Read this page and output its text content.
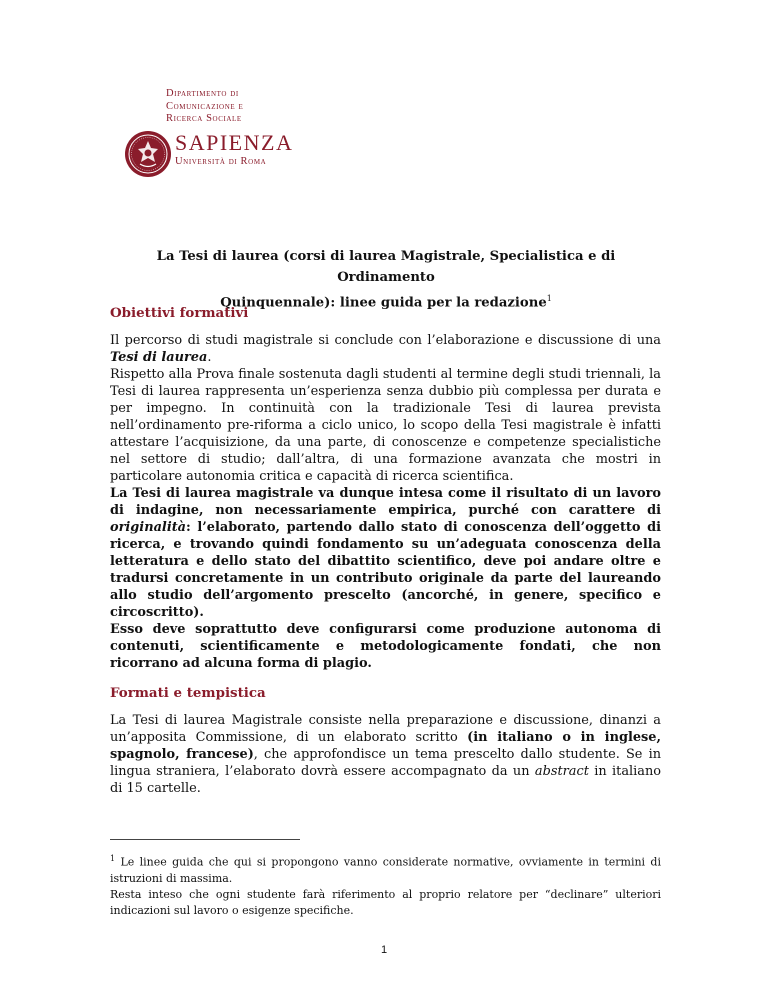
Dipartimento di
Comunicazione e
Ricerca Sociale
SAPIENZA
Università di Roma
La Tesi di laurea (corsi di laurea Magistrale, Specialistica e di Ordinamento
Quinquennale): linee guida per la redazione$^1$
Obiettivi formativi

Il percorso di studi magistrale si conclude con l’elaborazione e discussione di una Tesi di laurea.

Rispetto alla Prova finale sostenuta dagli studenti al termine degli studi triennali, la Tesi di laurea rappresenta un’esperienza senza dubbio più complessa per durata e per impegno. In continuità con la tradizionale Tesi di laurea prevista nell’ordinamento pre-riforma a ciclo unico, lo scopo della Tesi magistrale è infatti attestare l’acquisizione, da una parte, di conoscenze e competenze specialistiche nel settore di studio; dall’altra, di una formazione avanzata che mostri in particolare autonomia critica e capacità di ricerca scientifica.

La Tesi di laurea magistrale va dunque intesa come il risultato di un lavoro di indagine, non necessariamente empirica, purché con carattere di originalità: l’elaborato, partendo dallo stato di conoscenza dell’oggetto di ricerca, e trovando quindi fondamento su un’adeguata conoscenza della letteratura e dello stato del dibattito scientifico, deve poi andare oltre e tradursi concretamente in un contributo originale da parte del laureando allo studio dell’argomento prescelto (ancorché, in genere, specifico e circoscritto).

Esso deve soprattutto deve configurarsi come produzione autonoma di contenuti, scientificamente e metodologicamente fondati, che non ricorrano ad alcuna forma di plagio.

Formati e tempistica

La Tesi di laurea Magistrale consiste nella preparazione e discussione, dinanzi a un’apposita Commissione, di un elaborato scritto (in italiano o in inglese, spagnolo, francese), che approfondisce un tema prescelto dallo studente. Se in lingua straniera, l’elaborato dovrà essere accompagnato da un abstract in italiano di 15 cartelle.

$^1$ Le linee guida che qui si propongono vanno considerate normative, ovviamente in termini di istruzioni di massima.
Resta inteso che ogni studente farà riferimento al proprio relatore per “declinare” ulteriori indicazioni sul lavoro o esigenze specifiche.
1
